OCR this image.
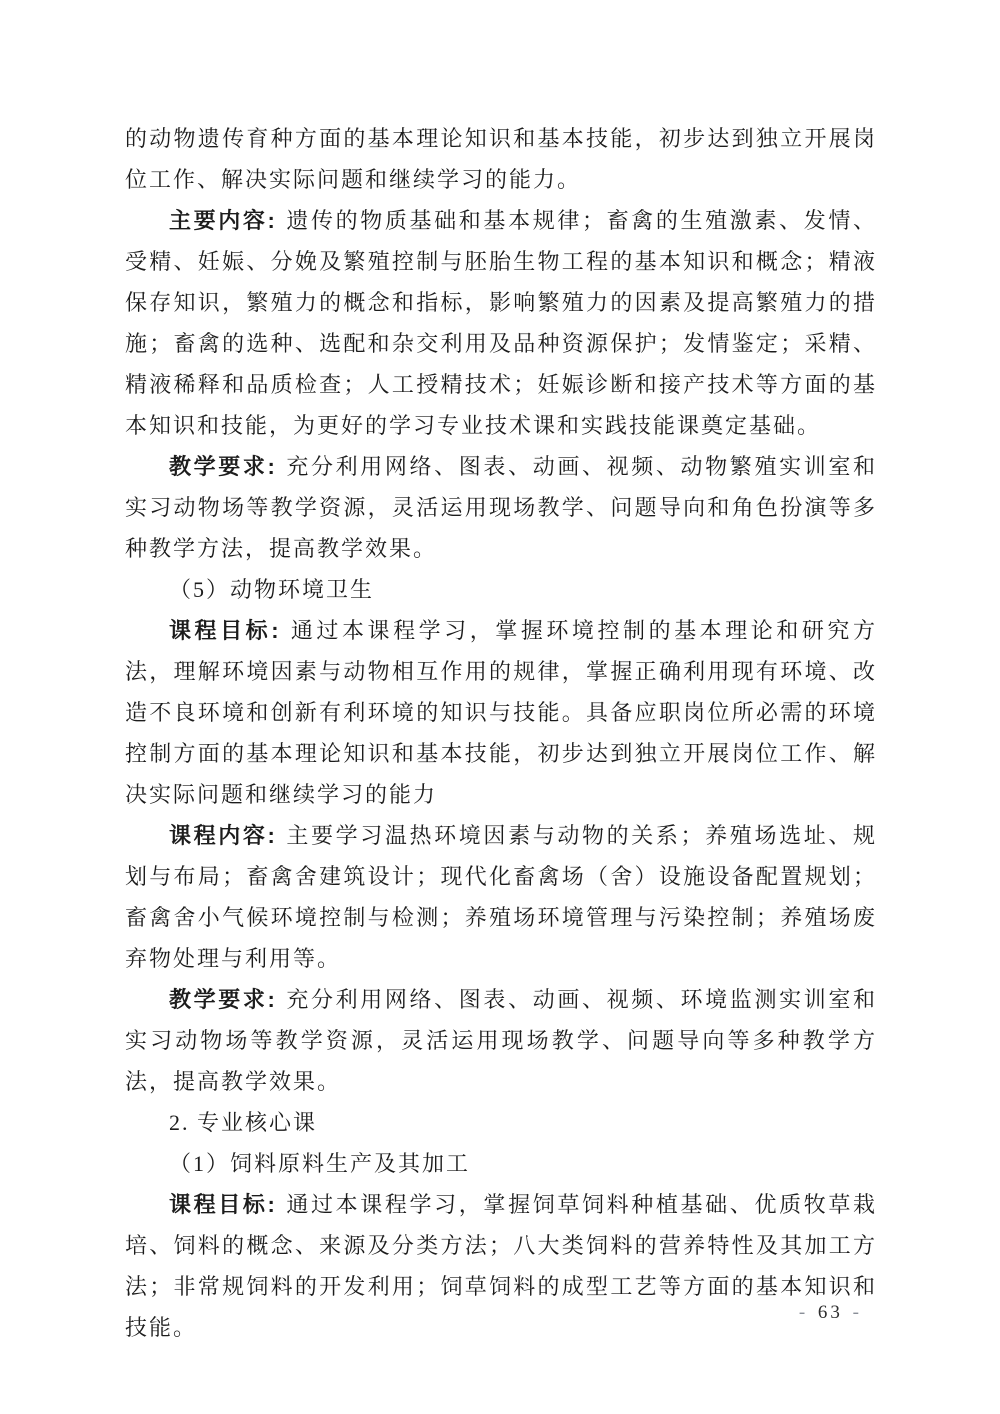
的动物遗传育种方面的基本理论知识和基本技能，初步达到独立开展岗位工作、解决实际问题和继续学习的能力。

主要内容: 遗传的物质基础和基本规律；畜禽的生殖激素、发情、受精、妊娠、分娩及繁殖控制与胚胎生物工程的基本知识和概念；精液保存知识，繁殖力的概念和指标，影响繁殖力的因素及提高繁殖力的措施；畜禽的选种、选配和杂交利用及品种资源保护；发情鉴定；采精、精液稀释和品质检查；人工授精技术；妊娠诊断和接产技术等方面的基本知识和技能，为更好的学习专业技术课和实践技能课奠定基础。

教学要求: 充分利用网络、图表、动画、视频、动物繁殖实训室和实习动物场等教学资源，灵活运用现场教学、问题导向和角色扮演等多种教学方法，提高教学效果。

（5）动物环境卫生

课程目标: 通过本课程学习，掌握环境控制的基本理论和研究方法，理解环境因素与动物相互作用的规律，掌握正确利用现有环境、改造不良环境和创新有利环境的知识与技能。具备应职岗位所必需的环境控制方面的基本理论知识和基本技能，初步达到独立开展岗位工作、解决实际问题和继续学习的能力

课程内容: 主要学习温热环境因素与动物的关系；养殖场选址、规划与布局；畜禽舍建筑设计；现代化畜禽场（舍）设施设备配置规划；畜禽舍小气候环境控制与检测；养殖场环境管理与污染控制；养殖场废弃物处理与利用等。

教学要求: 充分利用网络、图表、动画、视频、环境监测实训室和实习动物场等教学资源，灵活运用现场教学、问题导向等多种教学方法，提高教学效果。

2. 专业核心课

（1）饲料原料生产及其加工

课程目标: 通过本课程学习，掌握饲草饲料种植基础、优质牧草栽培、饲料的概念、来源及分类方法；八大类饲料的营养特性及其加工方法；非常规饲料的开发利用；饲草饲料的成型工艺等方面的基本知识和技能。

- 63 -
